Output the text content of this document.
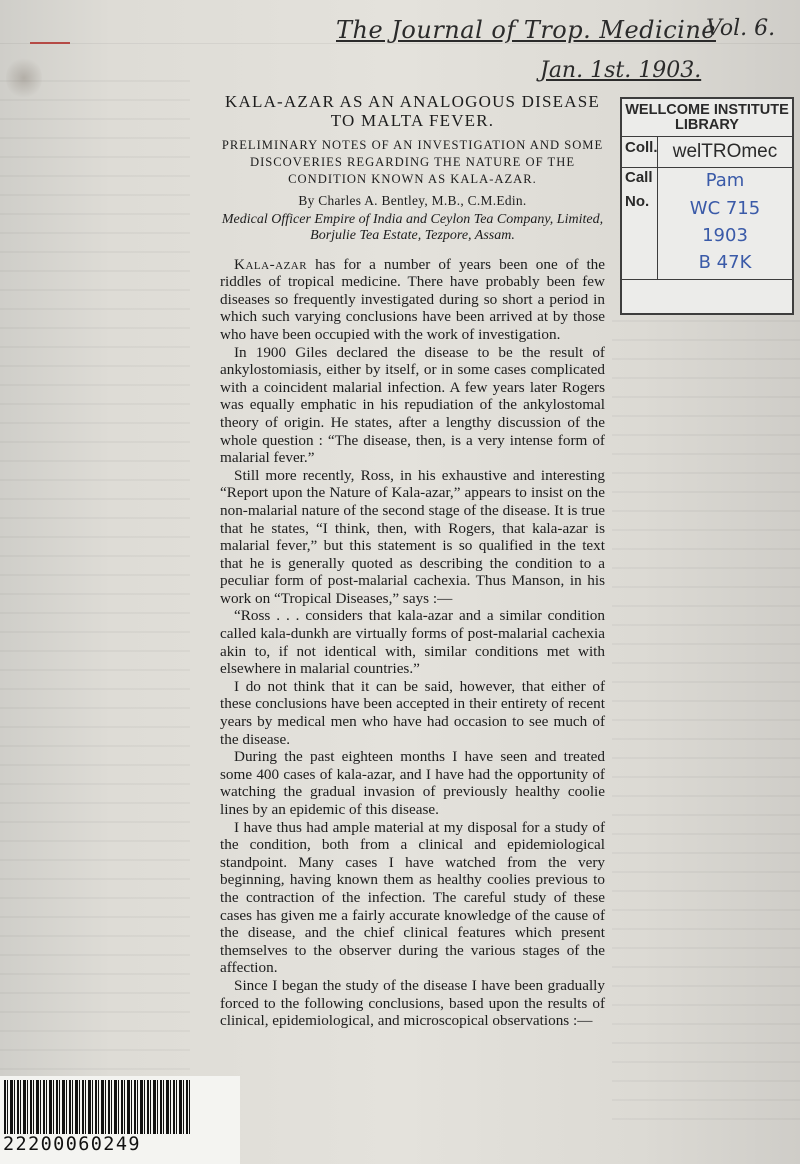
The Journal of Trop. Medicine
Vol. 6.
Jan. 1st. 1903.
KALA-AZAR AS AN ANALOGOUS DISEASE TO MALTA FEVER.
PRELIMINARY NOTES OF AN INVESTIGATION AND SOME DISCOVERIES REGARDING THE NATURE OF THE CONDITION KNOWN AS KALA-AZAR.
By Charles A. Bentley, M.B., C.M.Edin.
Medical Officer Empire of India and Ceylon Tea Company, Limited, Borjulie Tea Estate, Tezpore, Assam.

Kala-azar has for a number of years been one of the riddles of tropical medicine. There have probably been few diseases so frequently investigated during so short a period in which such varying conclusions have been arrived at by those who have been occupied with the work of investigation.

In 1900 Giles declared the disease to be the result of ankylostomiasis, either by itself, or in some cases complicated with a coincident malarial infection. A few years later Rogers was equally emphatic in his repudiation of the ankylostomal theory of origin. He states, after a lengthy discussion of the whole question : “The disease, then, is a very intense form of malarial fever.”

Still more recently, Ross, in his exhaustive and interesting “Report upon the Nature of Kala-azar,” appears to insist on the non-malarial nature of the second stage of the disease. It is true that he states, “I think, then, with Rogers, that kala-azar is malarial fever,” but this statement is so qualified in the text that he is generally quoted as describing the condition to a peculiar form of post-malarial cachexia. Thus Manson, in his work on “Tropical Diseases,” says :—

“Ross . . . considers that kala-azar and a similar condition called kala-dunkh are virtually forms of post-malarial cachexia akin to, if not identical with, similar conditions met with elsewhere in malarial countries.”

I do not think that it can be said, however, that either of these conclusions have been accepted in their entirety of recent years by medical men who have had occasion to see much of the disease.

During the past eighteen months I have seen and treated some 400 cases of kala-azar, and I have had the opportunity of watching the gradual invasion of previously healthy coolie lines by an epidemic of this disease.

I have thus had ample material at my disposal for a study of the condition, both from a clinical and epidemiological standpoint. Many cases I have watched from the very beginning, having known them as healthy coolies previous to the contraction of the infection. The careful study of these cases has given me a fairly accurate knowledge of the cause of the disease, and the chief clinical features which present themselves to the observer during the various stages of the affection.

Since I began the study of the disease I have been gradually forced to the following conclusions, based upon the results of clinical, epidemiological, and microscopical observations :—

WELLCOME INSTITUTE LIBRARY
Coll. welTROmec
Call
No.
Pam
WC 715
1903
B 47K
22200060249
